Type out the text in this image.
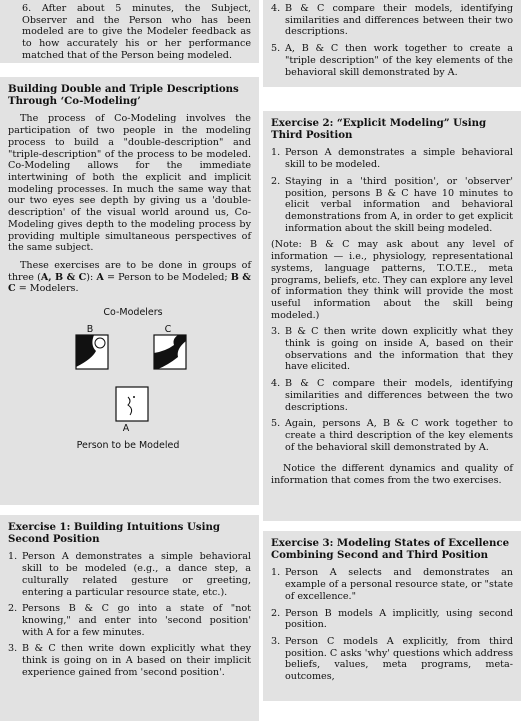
6. After about 5 minutes, the Subject, Observer and the Person who has been modeled are to give the Modeler feedback as to how accurately his or her performance matched that of the Person being modeled.
Building Double and Triple Descriptions Through ‘Co-Modeling’

The process of Co-Modeling involves the participation of two people in the modeling process to build a "double-description" and "triple-description" of the process to be modeled. Co-Modeling allows for the immediate intertwining of both the explicit and implicit modeling processes. In much the same way that our two eyes see depth by giving us a 'double-description' of the visual world around us, Co-Modeling gives depth to the modeling process by providing multiple simultaneous perspectives of the same subject.

These exercises are to be done in groups of three (A, B & C): A = Person to be Modeled; B & C = Modelers.

Co-Modelers
B	C
A
Person to be Modeled
Exercise 1: Building Intuitions Using Second Position
1. Person A demonstrates a simple behavioral skill to be modeled (e.g., a dance step, a culturally related gesture or greeting, entering a particular resource state, etc.).
2. Persons B & C go into a state of "not knowing," and enter into 'second position' with A for a few minutes.
3. B & C then write down explicitly what they think is going on in A based on their implicit experience gained from 'second position'.
4. B & C compare their models, identifying similarities and differences between their two descriptions.
5. A, B & C then work together to create a "triple description" of the key elements of the behavioral skill demonstrated by A.
Exercise 2: “Explicit Modeling” Using Third Position
1. Person A demonstrates a simple behavioral skill to be modeled.
2. Staying in a 'third position', or 'observer' position, persons B & C have 10 minutes to elicit verbal information and behavioral demonstrations from A, in order to get explicit information about the skill being modeled.
(Note: B & C may ask about any level of information — i.e., physiology, representational systems, language patterns, T.O.T.E., meta programs, beliefs, etc. They can explore any level of information they think will provide the most useful information about the skill being modeled.)
3. B & C then write down explicitly what they think is going on inside A, based on their observations and the information that they have elicited.
4. B & C compare their models, identifying similarities and differences between the two descriptions.
5. Again, persons A, B & C work together to create a third description of the key elements of the behavioral skill demonstrated by A.

Notice the different dynamics and quality of information that comes from the two exercises.

Exercise 3: Modeling States of Excellence Combining Second and Third Position
1. Person A selects and demonstrates an example of a personal resource state, or "state of excellence."
2. Person B models A implicitly, using second position.
3. Person C models A explicitly, from third position. C asks 'why' questions which address beliefs, values, meta programs, meta-outcomes,
